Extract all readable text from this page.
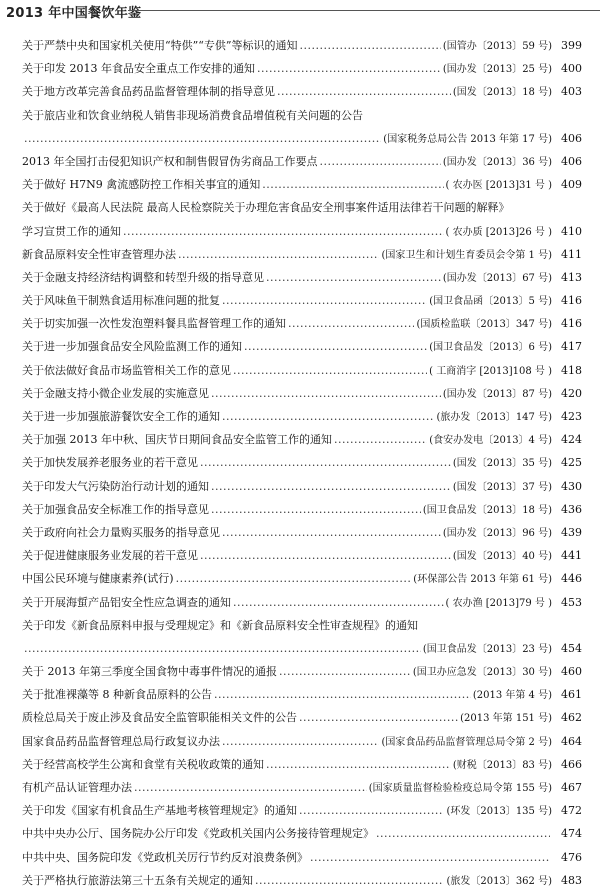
2013 年中国餐饮年鉴
关于严禁中央和国家机关使用“特供”“专供”等标识的通知 .....	(国管办〔2013〕59 号) 399
关于印发 2013 年食品安全重点工作安排的通知 .....	(国办发〔2013〕25 号) 400
关于地方改革完善食品药品监督管理体制的指导意见 .....	(国发〔2013〕18 号) 403
关于旅店业和饮食业纳税人销售非现场消费食品增值税有关问题的公告
.....
(国家税务总局公告 2013 年第 17 号) 406
2013 年全国打击侵犯知识产权和制售假冒伪劣商品工作要点 .....	(国办发〔2013〕36 号) 406
关于做好 H7N9 禽流感防控工作相关事宜的通知 .....	( 农办医 [2013]31 号 ) 409
关于做好《最高人民法院 最高人民检察院关于办理危害食品安全刑事案件适用法律若干问题的解释》
学习宣贯工作的通知 .....	( 农办质 [2013]26 号 ) 410
新食品原料安全性审查管理办法 .....	(国家卫生和计划生育委员会令第 1 号) 411
关于金融支持经济结构调整和转型升级的指导意见 .....	(国办发〔2013〕67 号) 413
关于风味鱼干制熟食适用标准问题的批复 .....	(国卫食品函〔2013〕5 号) 416
关于切实加强一次性发泡塑料餐具监督管理工作的通知 .....	(国质检监联〔2013〕347 号) 416
关于进一步加强食品安全风险监测工作的通知 .....	(国卫食品发〔2013〕6 号) 417
关于依法做好食品市场监管相关工作的意见 .....	( 工商消字 [2013]108 号 ) 418
关于金融支持小微企业发展的实施意见 .....	(国办发〔2013〕87 号) 420
关于进一步加强旅游餐饮安全工作的通知 .....	(旅办发〔2013〕147 号) 423
关于加强 2013 年中秋、国庆节日期间食品安全监管工作的通知 .....	(食安办发电〔2013〕4 号) 424
关于加快发展养老服务业的若干意见 .....	(国发〔2013〕35 号) 425
关于印发大气污染防治行动计划的通知 .....	(国发〔2013〕37 号) 430
关于加强食品安全标准工作的指导意见 .....	(国卫食品发〔2013〕18 号) 436
关于政府向社会力量购买服务的指导意见 .....	(国办发〔2013〕96 号) 439
关于促进健康服务业发展的若干意见 .....	(国发〔2013〕40 号) 441
中国公民环境与健康素养(试行) .....	(环保部公告 2013 年第 61 号) 446
关于开展海蜇产品铝安全性应急调查的通知 .....	( 农办渔 [2013]79 号 ) 453
关于印发《新食品原料申报与受理规定》和《新食品原料安全性审查规程》的通知
.....
(国卫食品发〔2013〕23 号) 454
关于 2013 年第三季度全国食物中毒事件情况的通报 .....	(国卫办应急发〔2013〕30 号) 460
关于批准裸藻等 8 种新食品原料的公告 .....	(2013 年第 4 号) 461
质检总局关于废止涉及食品安全监管职能相关文件的公告 .....	(2013 年第 151 号) 462
国家食品药品监督管理总局行政复议办法 .....	(国家食品药品监督管理总局令第 2 号) 464
关于经营高校学生公寓和食堂有关税收政策的通知 .....	(财税〔2013〕83 号) 466
有机产品认证管理办法 .....	(国家质量监督检验检疫总局令第 155 号) 467
关于印发《国家有机食品生产基地考核管理规定》的通知 .....	(环发〔2013〕135 号) 472
中共中央办公厅、国务院办公厅印发《党政机关国内公务接待管理规定》 .....	474
中共中央、国务院印发《党政机关厉行节约反对浪费条例》 .....	476
关于严格执行旅游法第三十五条有关规定的通知 .....	(旅发〔2013〕362 号) 483
